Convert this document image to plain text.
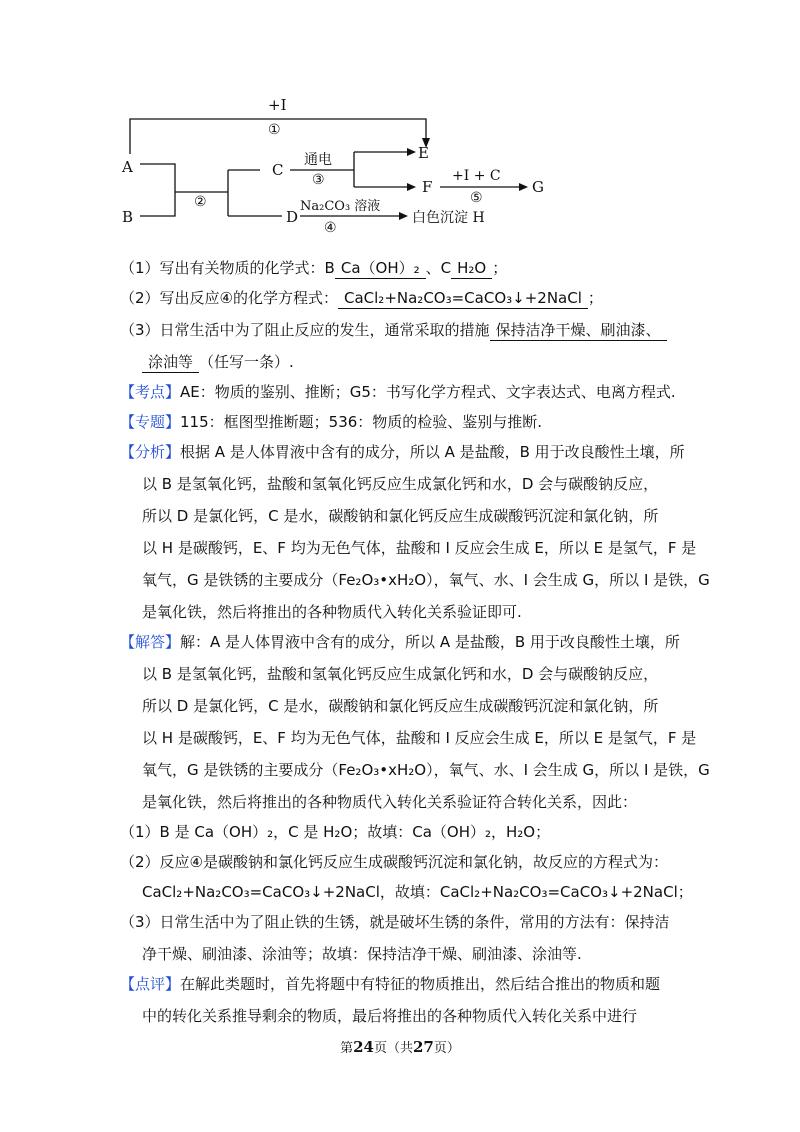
+I
①
A
B
②
C
D
通电
③
E
F
+I + C
⑤
G
Na₂CO₃ 溶液
④
白色沉淀 H
（1）写出有关物质的化学式：B Ca（OH）₂ 、C H₂O ；
（2）写出反应④的化学方程式： CaCl₂+Na₂CO₃=CaCO₃↓+2NaCl ；
（3）日常生活中为了阻止反应的发生，通常采取的措施 保持洁净干燥、刷油漆、
涂油等 （任写一条）.
【考点】AE：物质的鉴别、推断；G5：书写化学方程式、文字表达式、电离方程式.
【专题】115：框图型推断题；536：物质的检验、鉴别与推断.
【分析】根据 A 是人体胃液中含有的成分，所以 A 是盐酸，B 用于改良酸性土壤，所
以 B 是氢氧化钙，盐酸和氢氧化钙反应生成氯化钙和水，D 会与碳酸钠反应，
所以 D 是氯化钙，C 是水，碳酸钠和氯化钙反应生成碳酸钙沉淀和氯化钠，所
以 H 是碳酸钙，E、F 均为无色气体，盐酸和 I 反应会生成 E，所以 E 是氢气，F 是
氧气，G 是铁锈的主要成分（Fe₂O₃•xH₂O），氧气、水、I 会生成 G，所以 I 是铁，G
是氧化铁，然后将推出的各种物质代入转化关系验证即可.
【解答】解：A 是人体胃液中含有的成分，所以 A 是盐酸，B 用于改良酸性土壤，所
以 B 是氢氧化钙，盐酸和氢氧化钙反应生成氯化钙和水，D 会与碳酸钠反应，
所以 D 是氯化钙，C 是水，碳酸钠和氯化钙反应生成碳酸钙沉淀和氯化钠，所
以 H 是碳酸钙，E、F 均为无色气体，盐酸和 I 反应会生成 E，所以 E 是氢气，F 是
氧气，G 是铁锈的主要成分（Fe₂O₃•xH₂O），氧气、水、I 会生成 G，所以 I 是铁，G
是氧化铁，然后将推出的各种物质代入转化关系验证符合转化关系，因此：
（1）B 是 Ca（OH）₂，C 是 H₂O；故填：Ca（OH）₂，H₂O；
（2）反应④是碳酸钠和氯化钙反应生成碳酸钙沉淀和氯化钠，故反应的方程式为：
CaCl₂+Na₂CO₃=CaCO₃↓+2NaCl，故填：CaCl₂+Na₂CO₃=CaCO₃↓+2NaCl；
（3）日常生活中为了阻止铁的生锈，就是破坏生锈的条件，常用的方法有：保持洁
净干燥、刷油漆、涂油等；故填：保持洁净干燥、刷油漆、涂油等.
【点评】在解此类题时，首先将题中有特征的物质推出，然后结合推出的物质和题
中的转化关系推导剩余的物质，最后将推出的各种物质代入转化关系中进行
第24页（共27页）
